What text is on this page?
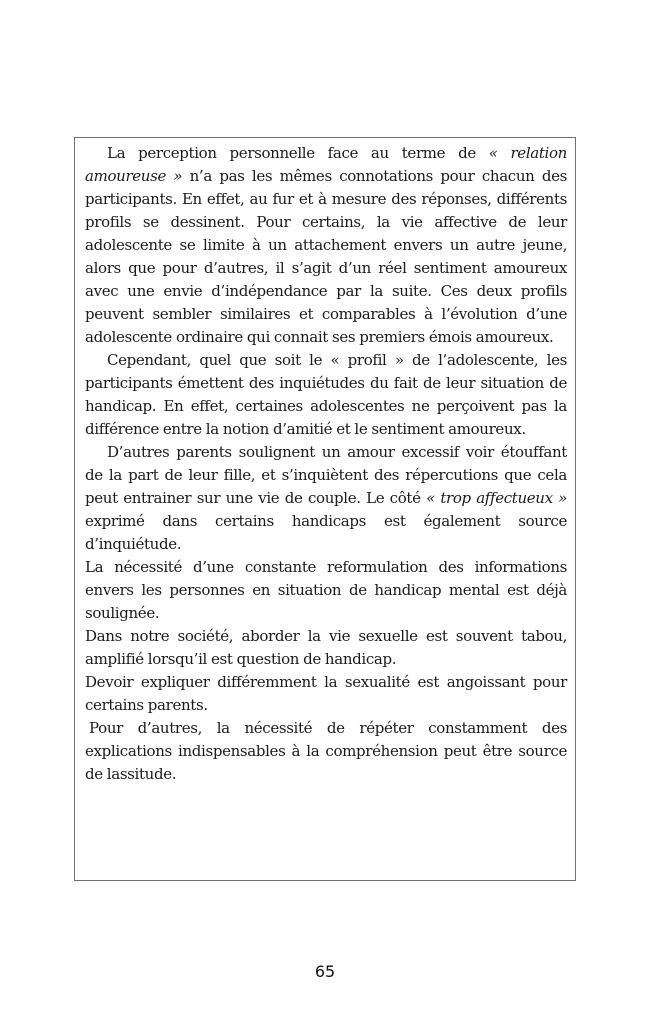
La perception personnelle face au terme de « relation amoureuse » n’a pas les mêmes connotations pour chacun des participants. En effet, au fur et à mesure des réponses, différents profils se dessinent. Pour certains, la vie affective de leur adolescente se limite à un attachement envers un autre jeune, alors que pour d’autres, il s’agit d’un réel sentiment amoureux avec une envie d’indépendance par la suite. Ces deux profils peuvent sembler similaires et comparables à l’évolution d’une adolescente ordinaire qui connait ses premiers émois amoureux.

Cependant, quel que soit le « profil » de l’adolescente, les participants émettent des inquiétudes du fait de leur situation de handicap. En effet, certaines adolescentes ne perçoivent pas la différence entre la notion d’amitié et le sentiment amoureux.

D’autres parents soulignent un amour excessif voir étouffant de la part de leur fille, et s’inquiètent des répercutions que cela peut entrainer sur une vie de couple. Le côté « trop affectueux » exprimé dans certains handicaps est également source d’inquiétude.

La nécessité d’une constante reformulation des informations envers les personnes en situation de handicap mental est déjà soulignée.

Dans notre société, aborder la vie sexuelle est souvent tabou, amplifié lorsqu’il est question de handicap.

Devoir expliquer différemment la sexualité est angoissant pour certains parents.

Pour d’autres, la nécessité de répéter constamment des explications indispensables à la compréhension peut être source de lassitude.

65
